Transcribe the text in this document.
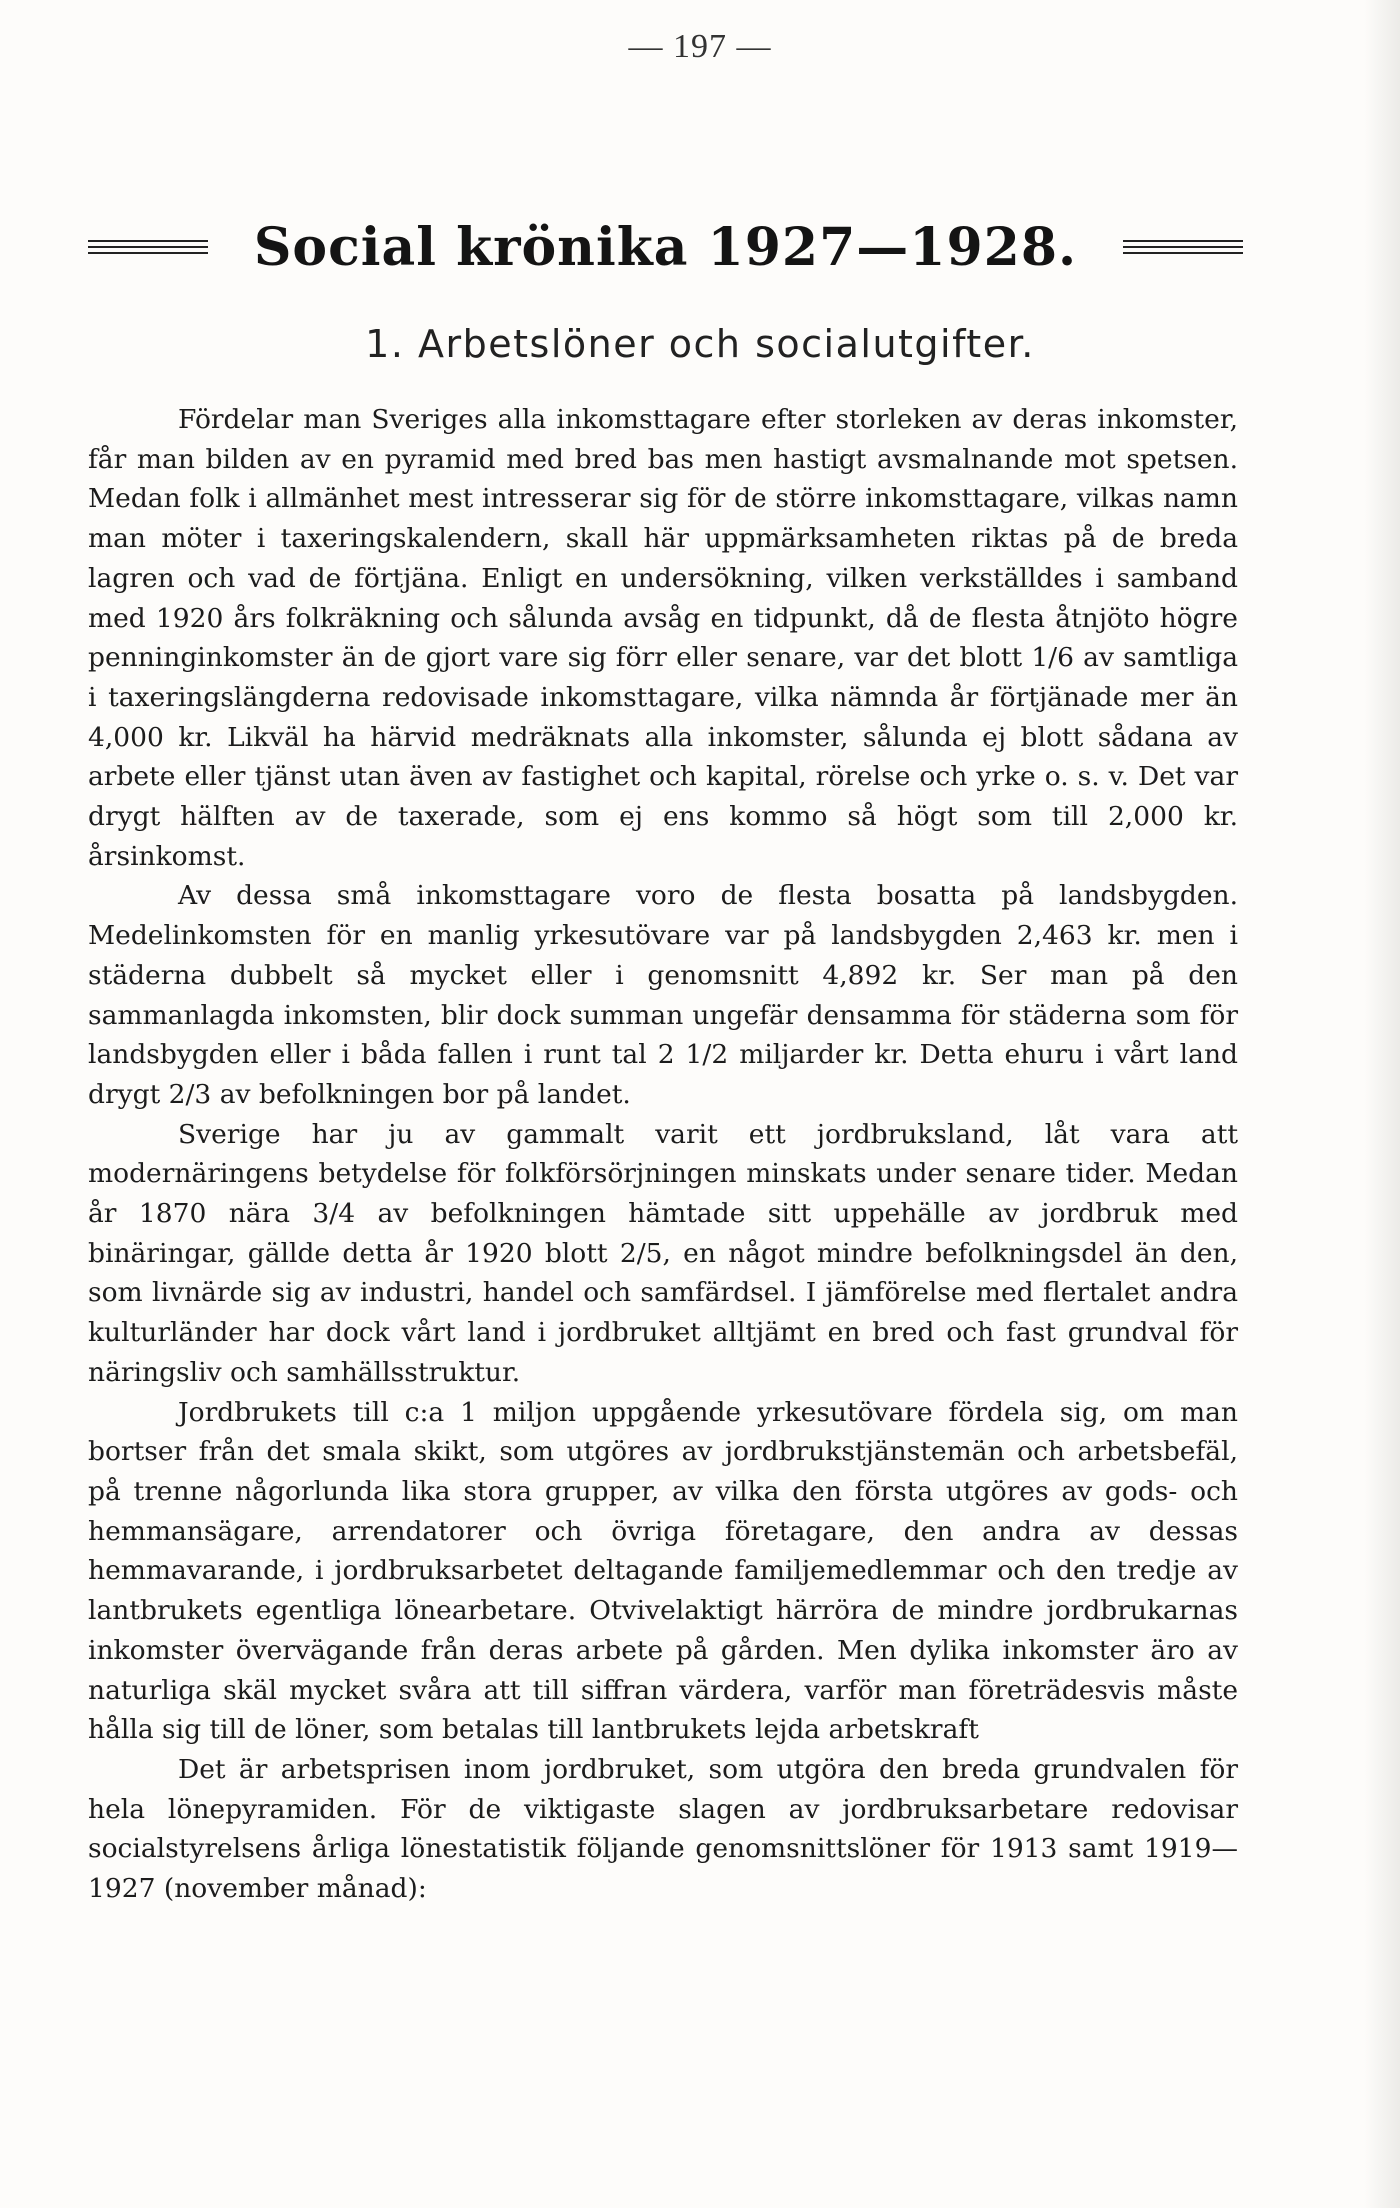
— 197 —
Social krönika 1927—1928.
1. Arbetslöner och socialutgifter.

Fördelar man Sveriges alla inkomsttagare efter storleken av deras inkomster, får man bilden av en pyramid med bred bas men hastigt avsmalnande mot spetsen. Medan folk i allmänhet mest intresserar sig för de större inkomsttagare, vilkas namn man möter i taxeringskalendern, skall här uppmärksamheten riktas på de breda lagren och vad de förtjäna. Enligt en undersökning, vilken verkställdes i samband med 1920 års folkräkning och sålunda avsåg en tidpunkt, då de flesta åtnjöto högre penninginkomster än de gjort vare sig förr eller senare, var det blott 1/6 av samtliga i taxeringslängderna redovisade inkomsttagare, vilka nämnda år förtjänade mer än 4,000 kr. Likväl ha härvid medräknats alla inkomster, sålunda ej blott sådana av arbete eller tjänst utan även av fastighet och kapital, rörelse och yrke o. s. v. Det var drygt hälften av de taxerade, som ej ens kommo så högt som till 2,000 kr. årsinkomst.

Av dessa små inkomsttagare voro de flesta bosatta på landsbygden. Medelinkomsten för en manlig yrkesutövare var på landsbygden 2,463 kr. men i städerna dubbelt så mycket eller i genomsnitt 4,892 kr. Ser man på den sammanlagda inkomsten, blir dock summan ungefär densamma för städerna som för landsbygden eller i båda fallen i runt tal 2 1/2 miljarder kr. Detta ehuru i vårt land drygt 2/3 av befolkningen bor på landet.

Sverige har ju av gammalt varit ett jordbruksland, låt vara att modernäringens betydelse för folkförsörjningen minskats under senare tider. Medan år 1870 nära 3/4 av befolkningen hämtade sitt uppehälle av jordbruk med binäringar, gällde detta år 1920 blott 2/5, en något mindre befolkningsdel än den, som livnärde sig av industri, handel och samfärdsel. I jämförelse med flertalet andra kulturländer har dock vårt land i jordbruket alltjämt en bred och fast grundval för näringsliv och samhällsstruktur.

Jordbrukets till c:a 1 miljon uppgående yrkesutövare fördela sig, om man bortser från det smala skikt, som utgöres av jordbrukstjänstemän och arbetsbefäl, på trenne någorlunda lika stora grupper, av vilka den första utgöres av gods- och hemmansägare, arrendatorer och övriga företagare, den andra av dessas hemmavarande, i jordbruksarbetet deltagande familjemedlemmar och den tredje av lantbrukets egentliga lönearbetare. Otvivelaktigt härröra de mindre jordbrukarnas inkomster övervägande från deras arbete på gården. Men dylika inkomster äro av naturliga skäl mycket svåra att till siffran värdera, varför man företrädesvis måste hålla sig till de löner, som betalas till lantbrukets lejda arbetskraft

Det är arbetsprisen inom jordbruket, som utgöra den breda grundvalen för hela lönepyramiden. För de viktigaste slagen av jordbruksarbetare redovisar socialstyrelsens årliga lönestatistik följande genomsnittslöner för 1913 samt 1919—1927 (november månad):
